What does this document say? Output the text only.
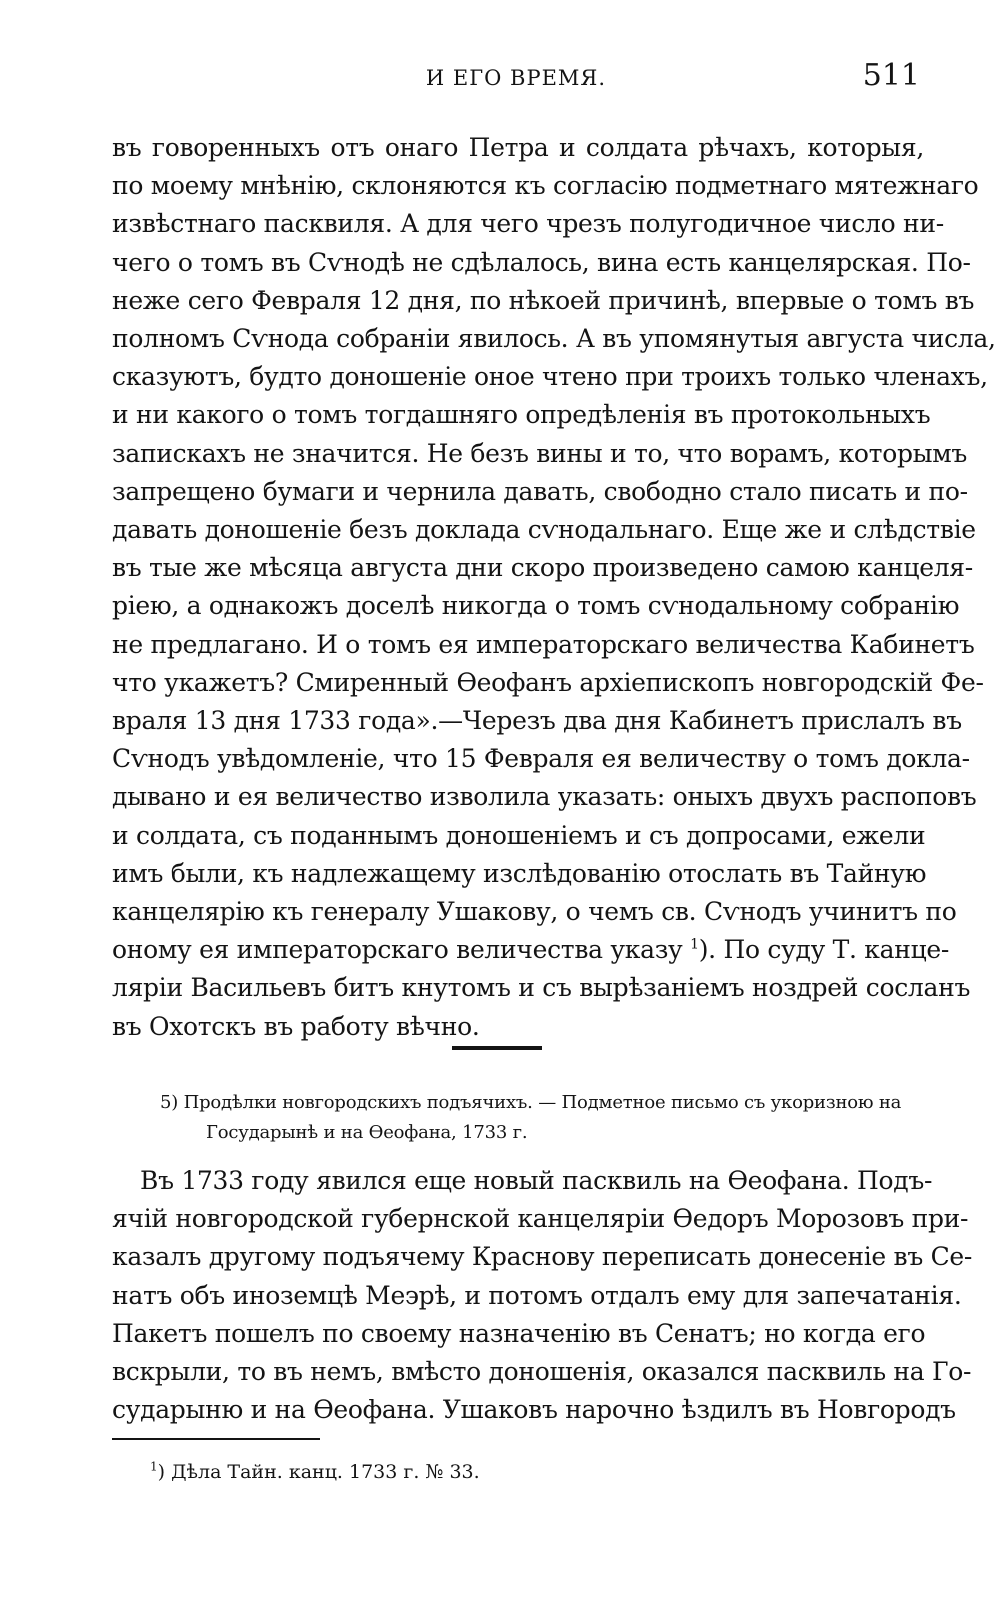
И ЕГО ВРЕМЯ.	511
въ говоренныхъ отъ онаго Петра и солдата рѣчахъ, которыя,
по моему мнѣнію, склоняются къ согласію подметнаго мятежнаго
извѣстнаго пасквиля. А для чего чрезъ полугодичное число ни-
чего о томъ въ Сѵнодѣ не сдѣлалось, вина есть канцелярская. По-
неже сего Февраля 12 дня, по нѣкоей причинѣ, впервые о томъ въ
полномъ Сѵнода собраніи явилось. А въ упомянутыя августа числа,
сказуютъ, будто доношеніе оное чтено при троихъ только членахъ,
и ни какого о томъ тогдашняго опредѣленія въ протокольныхъ
запискахъ не значится. Не безъ вины и то, что ворамъ, которымъ
запрещено бумаги и чернила давать, свободно стало писать и по-
давать доношеніе безъ доклада сѵнодальнаго. Еще же и слѣдствіе
въ тые же мѣсяца августа дни скоро произведено самою канцеля-
ріею, а однакожъ доселѣ никогда о томъ сѵнодальному собранію
не предлагано. И о томъ ея императорскаго величества Кабинетъ
что укажетъ? Смиренный Ѳеофанъ архіепископъ новгородскій Фе-
враля 13 дня 1733 года».—Черезъ два дня Кабинетъ прислалъ въ
Сѵнодъ увѣдомленіе, что 15 Февраля ея величеству о томъ докла-
дывано и ея величество изволила указать: оныхъ двухъ распоповъ
и солдата, съ поданнымъ доношеніемъ и съ допросами, ежели
имъ были, къ надлежащему изслѣдованію отослать въ Тайную
канцелярію къ генералу Ушакову, о чемъ св. Сѵнодъ учинитъ по
оному ея императорскаго величества указу $^1$). По суду Т. канце-
ляріи Васильевъ битъ кнутомъ и съ вырѣзаніемъ ноздрей сосланъ
въ Охотскъ въ работу вѣчно.
5) Продѣлки новгородскихъ подъячихъ. — Подметное письмо съ укоризною на
Государынѣ и на Ѳеофана, 1733 г.
Въ 1733 году явился еще новый пасквиль на Ѳеофана. Подъ-
ячій новгородской губернской канцеляріи Ѳедоръ Морозовъ при-
казалъ другому подъячему Краснову переписать донесеніе въ Се-
натъ объ иноземцѣ Меэрѣ, и потомъ отдалъ ему для запечатанія.
Пакетъ пошелъ по своему назначенію въ Сенатъ; но когда его
вскрыли, то въ немъ, вмѣсто доношенія, оказался пасквиль на Го-
сударыню и на Ѳеофана. Ушаковъ нарочно ѣздилъ въ Новгородъ
$^1$) Дѣла Тайн. канц. 1733 г. № 33.
